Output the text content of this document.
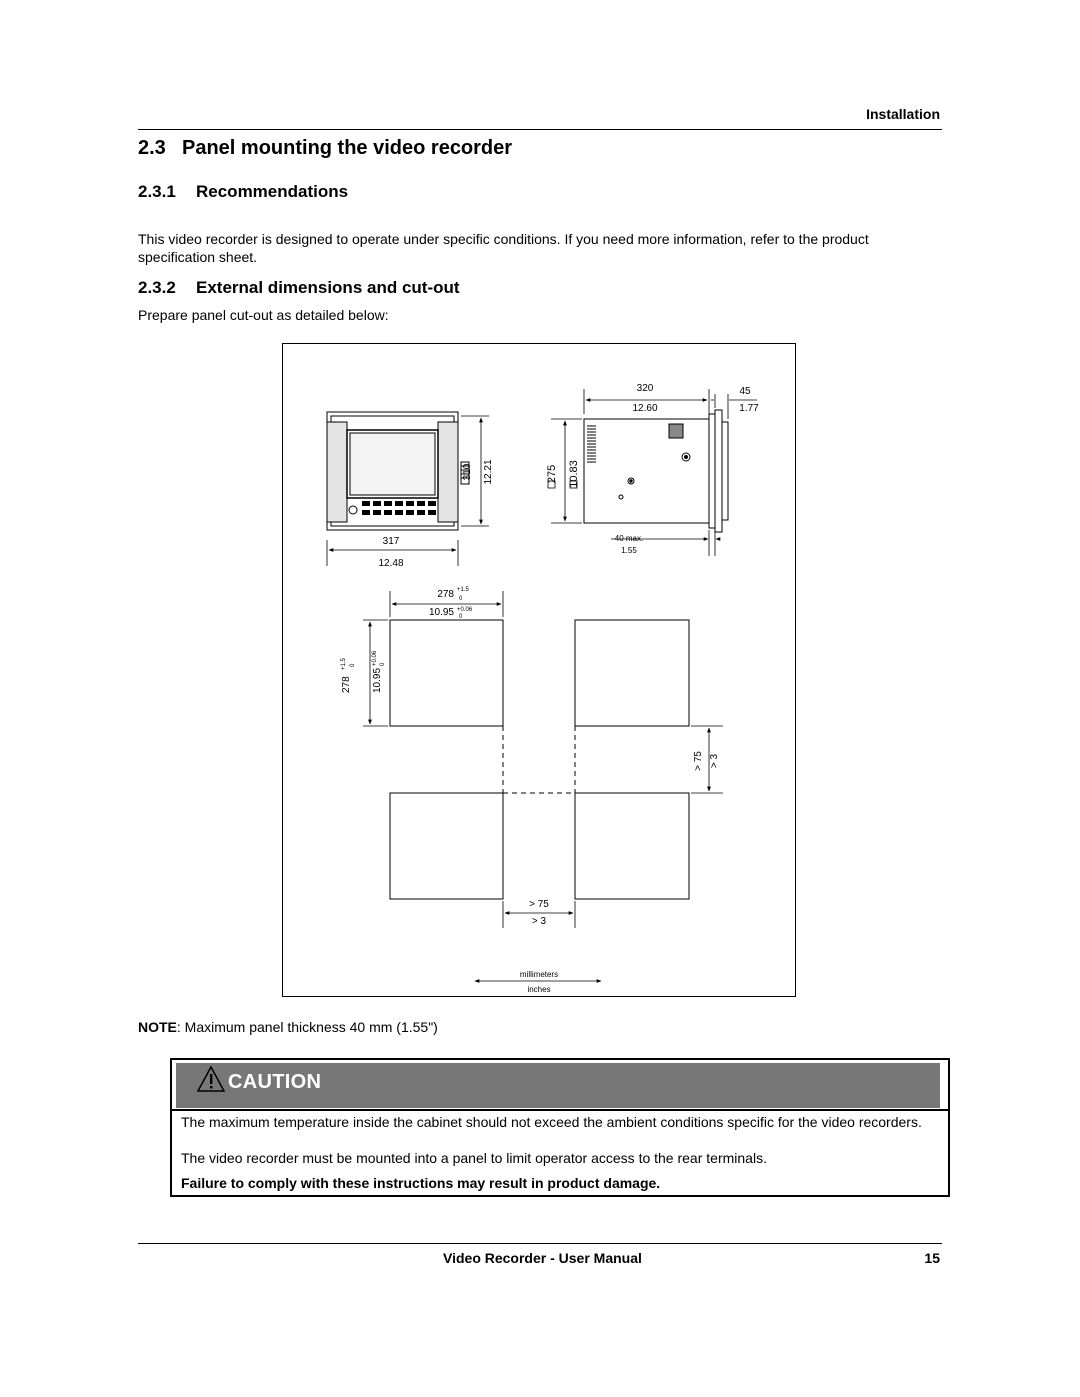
Installation
2.3 Panel mounting the video recorder
2.3.1 Recommendations
This video recorder is designed to operate under specific conditions. If you need more information, refer to the product specification sheet.
2.3.2 External dimensions and cut-out
Prepare panel cut-out as detailed below:
317
12.48
310 12.21
320
12.60
45
1.77
275 10.83
40 max.
1.55
278 +1.5
0
10.95 +0.06
0
278
+1.5 0
10.95
+0.06 0
> 75 > 3
> 75
> 3
millimeters
inches
NOTE: Maximum panel thickness 40 mm (1.55")
CAUTION
The maximum temperature inside the cabinet should not exceed the ambient conditions specific for the video recorders.
The video recorder must be mounted into a panel to limit operator access to the rear terminals.
Failure to comply with these instructions may result in product damage.
Video Recorder - User Manual	15
